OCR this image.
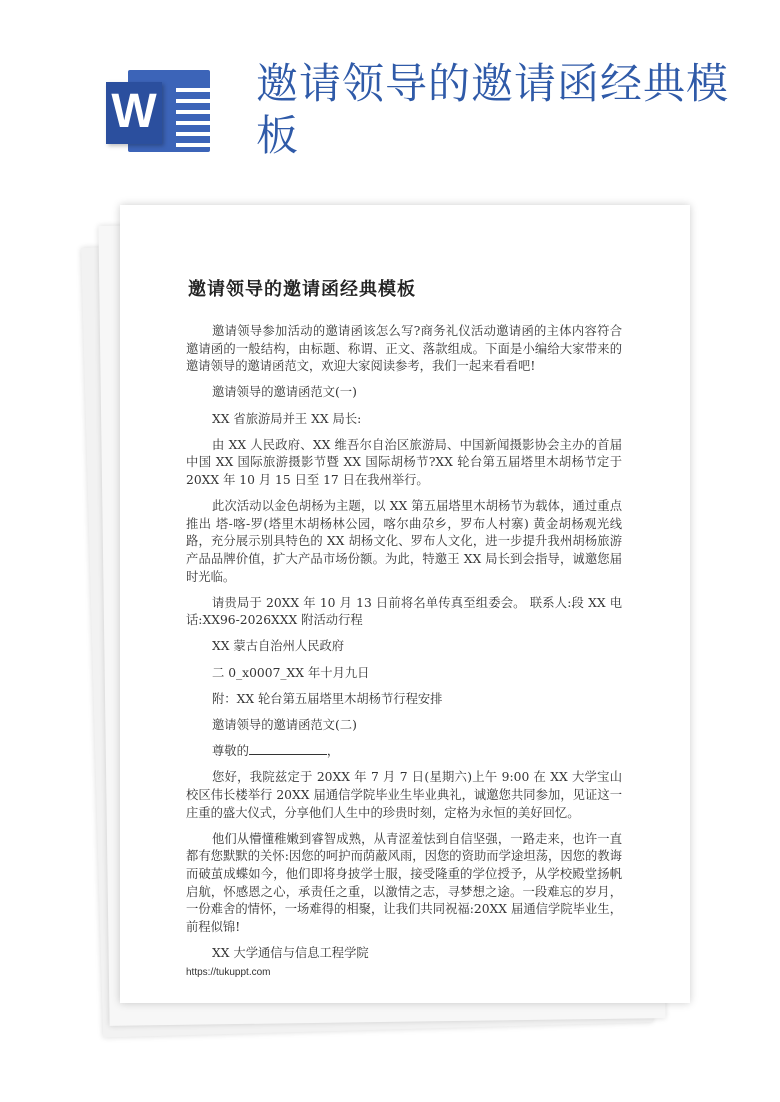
W
邀请领导的邀请函经典模板
邀请领导的邀请函经典模板

邀请领导参加活动的邀请函该怎么写?商务礼仪活动邀请函的主体内容符合邀请函的一般结构，由标题、称谓、正文、落款组成。下面是小编给大家带来的邀请领导的邀请函范文，欢迎大家阅读参考，我们一起来看看吧!

邀请领导的邀请函范文(一)

XX 省旅游局并王 XX 局长:

由 XX 人民政府、XX 维吾尔自治区旅游局、中国新闻摄影协会主办的首届中国 XX 国际旅游摄影节暨 XX 国际胡杨节?XX 轮台第五届塔里木胡杨节定于 20XX 年 10 月 15 日至 17 日在我州举行。

此次活动以金色胡杨为主题，以 XX 第五届塔里木胡杨节为载体，通过重点推出 塔-喀-罗(塔里木胡杨林公园，喀尔曲尕乡，罗布人村寨) 黄金胡杨观光线路，充分展示别具特色的 XX 胡杨文化、罗布人文化，进一步提升我州胡杨旅游产品品牌价值，扩大产品市场份额。为此，特邀王 XX 局长到会指导，诚邀您届时光临。

请贵局于 20XX 年 10 月 13 日前将名单传真至组委会。 联系人:段 XX 电话:XX96-2026XXX 附活动行程

XX 蒙古自治州人民政府

二 0_x0007_XX 年十月九日

附：XX 轮台第五届塔里木胡杨节行程安排

邀请领导的邀请函范文(二)

尊敬的	，

您好，我院兹定于 20XX 年 7 月 7 日(星期六)上午 9:00 在 XX 大学宝山校区伟长楼举行 20XX 届通信学院毕业生毕业典礼，诚邀您共同参加，见证这一庄重的盛大仪式，分享他们人生中的珍贵时刻，定格为永恒的美好回忆。

他们从懵懂稚嫩到睿智成熟，从青涩羞怯到自信坚强，一路走来，也许一直都有您默默的关怀:因您的呵护而荫蔽风雨，因您的资助而学途坦荡，因您的教诲而破茧成蝶如今，他们即将身披学士服，接受隆重的学位授予，从学校殿堂扬帆启航，怀感恩之心，承责任之重，以激情之志，寻梦想之途。一段难忘的岁月，一份难舍的情怀，一场难得的相聚，让我们共同祝福:20XX 届通信学院毕业生，前程似锦!

XX 大学通信与信息工程学院

https://tukuppt.com
